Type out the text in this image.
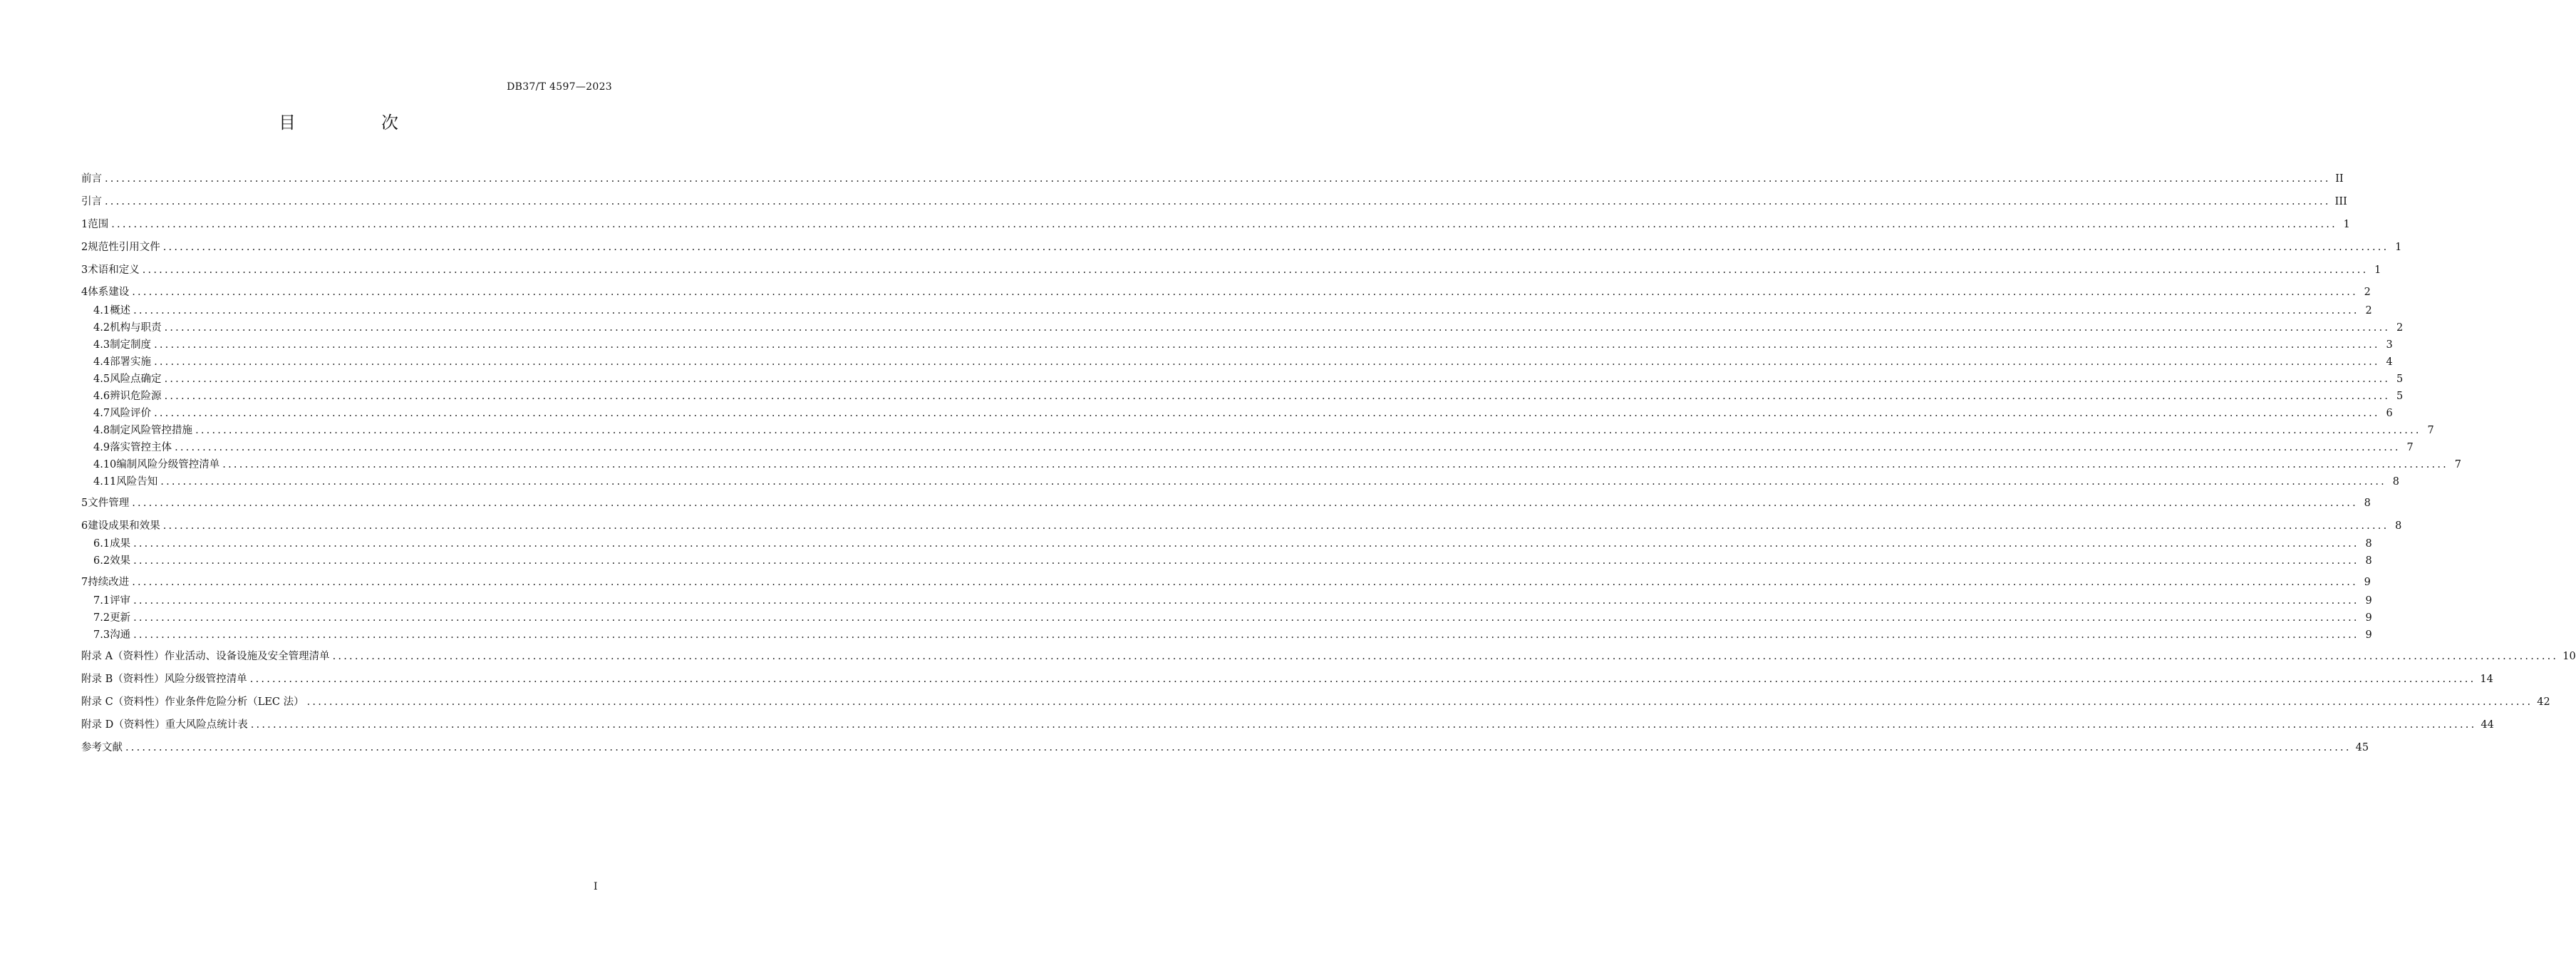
DB37/T 4597—2023
目　次
前言 ................................................................................................................................................................................................................................................................................................................................................................................................................ II
引言 ................................................................................................................................................................................................................................................................................................................................................................................................................ III
1 范围 ................................................................................................................................................................................................................................................................................................................................................................................................................ 1
2 规范性引用文件 ................................................................................................................................................................................................................................................................................................................................................................................................................ 1
3 术语和定义 ................................................................................................................................................................................................................................................................................................................................................................................................................ 1
4 体系建设 ................................................................................................................................................................................................................................................................................................................................................................................................................ 2
4.1 概述 ................................................................................................................................................................................................................................................................................................................................................................................................................ 2
4.2 机构与职责 ................................................................................................................................................................................................................................................................................................................................................................................................................ 2
4.3 制定制度 ................................................................................................................................................................................................................................................................................................................................................................................................................ 3
4.4 部署实施 ................................................................................................................................................................................................................................................................................................................................................................................................................ 4
4.5 风险点确定 ................................................................................................................................................................................................................................................................................................................................................................................................................ 5
4.6 辨识危险源 ................................................................................................................................................................................................................................................................................................................................................................................................................ 5
4.7 风险评价 ................................................................................................................................................................................................................................................................................................................................................................................................................ 6
4.8 制定风险管控措施 ................................................................................................................................................................................................................................................................................................................................................................................................................ 7
4.9 落实管控主体 ................................................................................................................................................................................................................................................................................................................................................................................................................ 7
4.10 编制风险分级管控清单 ................................................................................................................................................................................................................................................................................................................................................................................................................ 7
4.11 风险告知 ................................................................................................................................................................................................................................................................................................................................................................................................................ 8
5 文件管理 ................................................................................................................................................................................................................................................................................................................................................................................................................ 8
6 建设成果和效果 ................................................................................................................................................................................................................................................................................................................................................................................................................ 8
6.1 成果 ................................................................................................................................................................................................................................................................................................................................................................................................................ 8
6.2 效果 ................................................................................................................................................................................................................................................................................................................................................................................................................ 8
7 持续改进 ................................................................................................................................................................................................................................................................................................................................................................................................................ 9
7.1 评审 ................................................................................................................................................................................................................................................................................................................................................................................................................ 9
7.2 更新 ................................................................................................................................................................................................................................................................................................................................................................................................................ 9
7.3 沟通 ................................................................................................................................................................................................................................................................................................................................................................................................................ 9
附录 A（资料性） 作业活动、设备设施及安全管理清单 ................................................................................................................................................................................................................................................................................................................................................................................................................ 10
附录 B（资料性） 风险分级管控清单 ................................................................................................................................................................................................................................................................................................................................................................................................................ 14
附录 C（资料性） 作业条件危险分析（LEC 法） ................................................................................................................................................................................................................................................................................................................................................................................................................ 42
附录 D（资料性） 重大风险点统计表 ................................................................................................................................................................................................................................................................................................................................................................................................................ 44
参考文献 ................................................................................................................................................................................................................................................................................................................................................................................................................ 45
I
